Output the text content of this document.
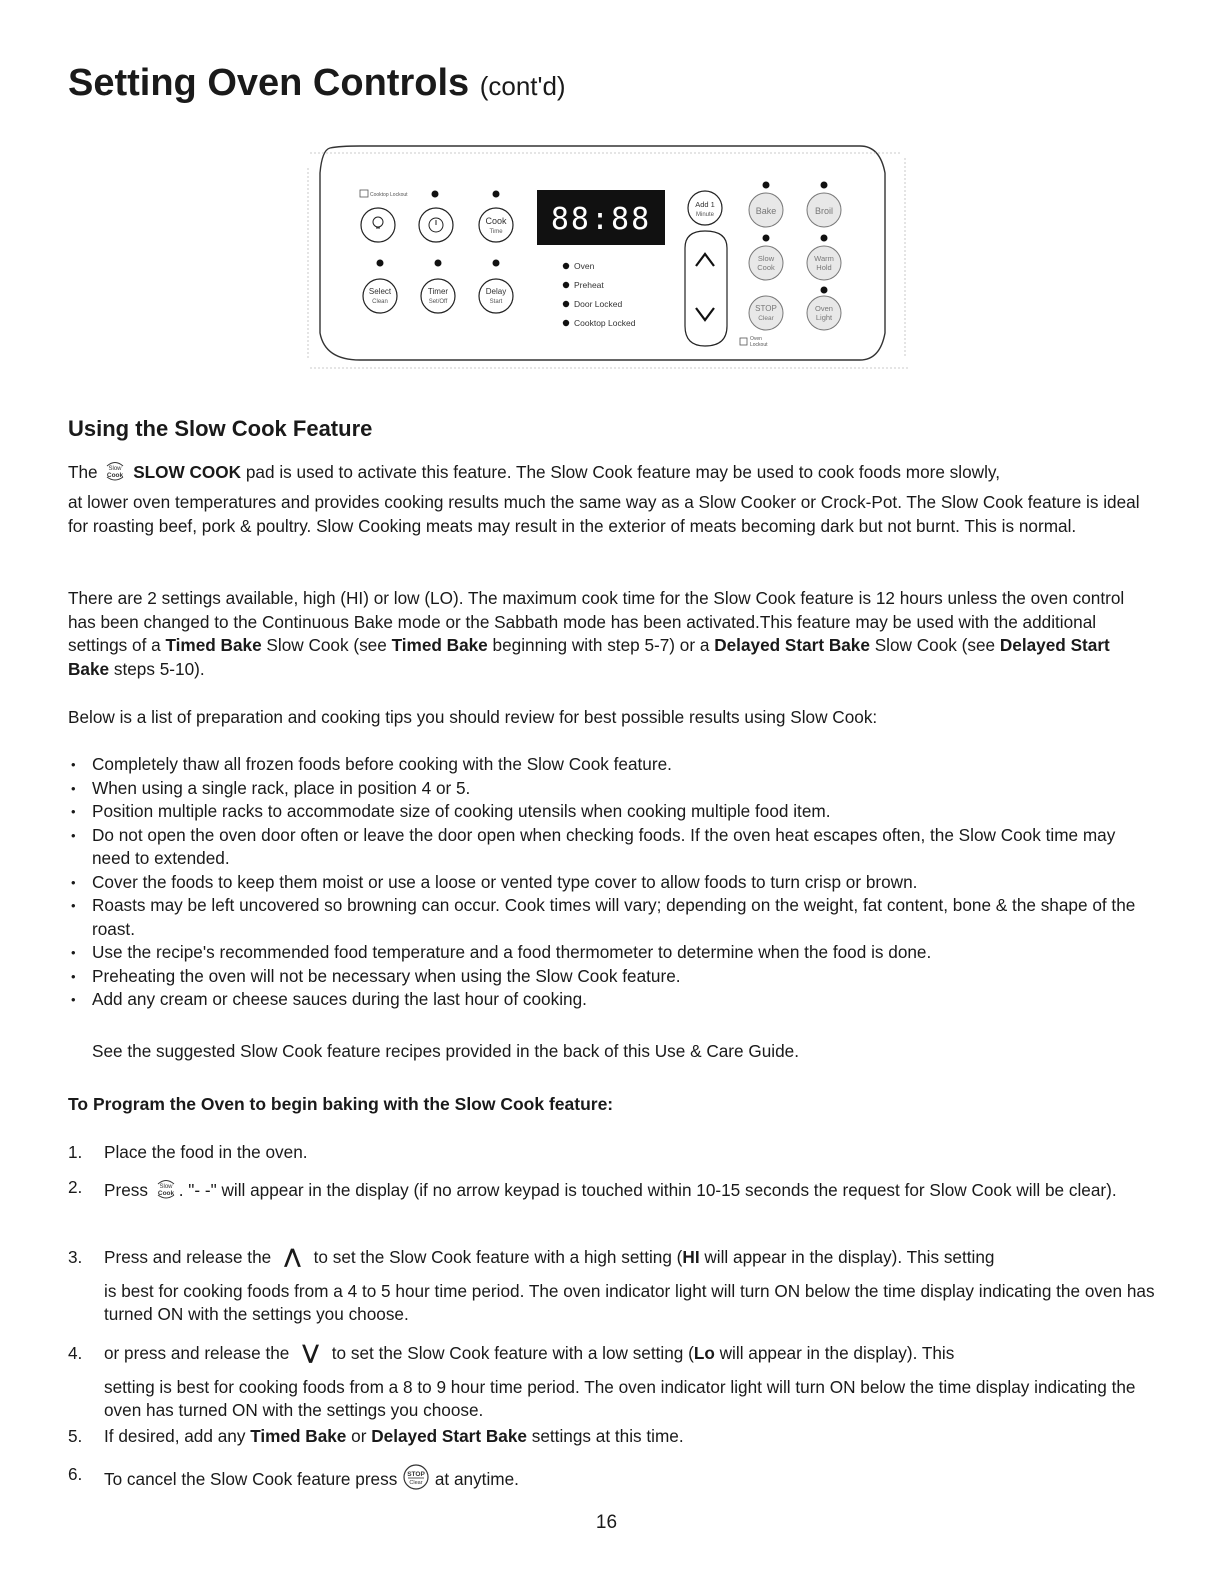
Setting Oven Controls (cont'd)
Cooktop Lockout
Cook
Time
Select
Clean
Timer
Set/Off
Delay
Start
88:88
Oven
Preheat
Door Locked
Cooktop Locked
Add 1
Minute	Bake	Broil
Slow
Cook
Warm
Hold
STOP
Clear
Oven
Light
Oven
Lockout
Using the Slow Cook Feature
The Slow
Cook SLOW COOK pad is used to activate this feature. The Slow Cook feature may be used to cook foods more slowly,
at lower oven temperatures and provides cooking results much the same way as a Slow Cooker or Crock-Pot. The Slow Cook feature is ideal for roasting beef, pork & poultry. Slow Cooking meats may result in the exterior of meats becoming dark but not burnt. This is normal.
There are 2 settings available, high (HI) or low (LO). The maximum cook time for the Slow Cook feature is 12 hours unless the oven control has been changed to the Continuous Bake mode or the Sabbath mode has been activated.This feature may be used with the additional settings of a Timed Bake Slow Cook (see Timed Bake beginning with step 5-7) or a Delayed Start Bake Slow Cook (see Delayed Start Bake steps 5-10).
Below is a list of preparation and cooking tips you should review for best possible results using Slow Cook:
• Completely thaw all frozen foods before cooking with the Slow Cook feature.
• When using a single rack, place in position 4 or 5.
• Position multiple racks to accommodate size of cooking utensils when cooking multiple food item.
• Do not open the oven door often or leave the door open when checking foods. If the oven heat escapes often, the Slow Cook time may need to extended.
• Cover the foods to keep them moist or use a loose or vented type cover to allow foods to turn crisp or brown.
• Roasts may be left uncovered so browning can occur. Cook times will vary; depending on the weight, fat content, bone & the shape of the roast.
• Use the recipe's recommended food temperature and a food thermometer to determine when the food is done.
• Preheating the oven will not be necessary when using the Slow Cook feature.
• Add any cream or cheese sauces during the last hour of cooking.
See the suggested Slow Cook feature recipes provided in the back of this Use & Care Guide.
To Program the Oven to begin baking with the Slow Cook feature:
1.	Place the food in the oven.
2.	Press Slow
Cook . "- -" will appear in the display (if no arrow keypad is touched within 10-15 seconds the request for Slow Cook will be clear).
3.	Press and release the ⋀ to set the Slow Cook feature with a high setting (HI will appear in the display). This setting
is best for cooking foods from a 4 to 5 hour time period. The oven indicator light will turn ON below the time display indicating the oven has turned ON with the settings you choose.
4.	or press and release the ⋁ to set the Slow Cook feature with a low setting (Lo will appear in the display). This
setting is best for cooking foods from a 8 to 9 hour time period. The oven indicator light will turn ON below the time display indicating the oven has turned ON with the settings you choose.
5.	If desired, add any Timed Bake or Delayed Start Bake settings at this time.
6.	To cancel the Slow Cook feature press STOP
Clear at anytime.
16
